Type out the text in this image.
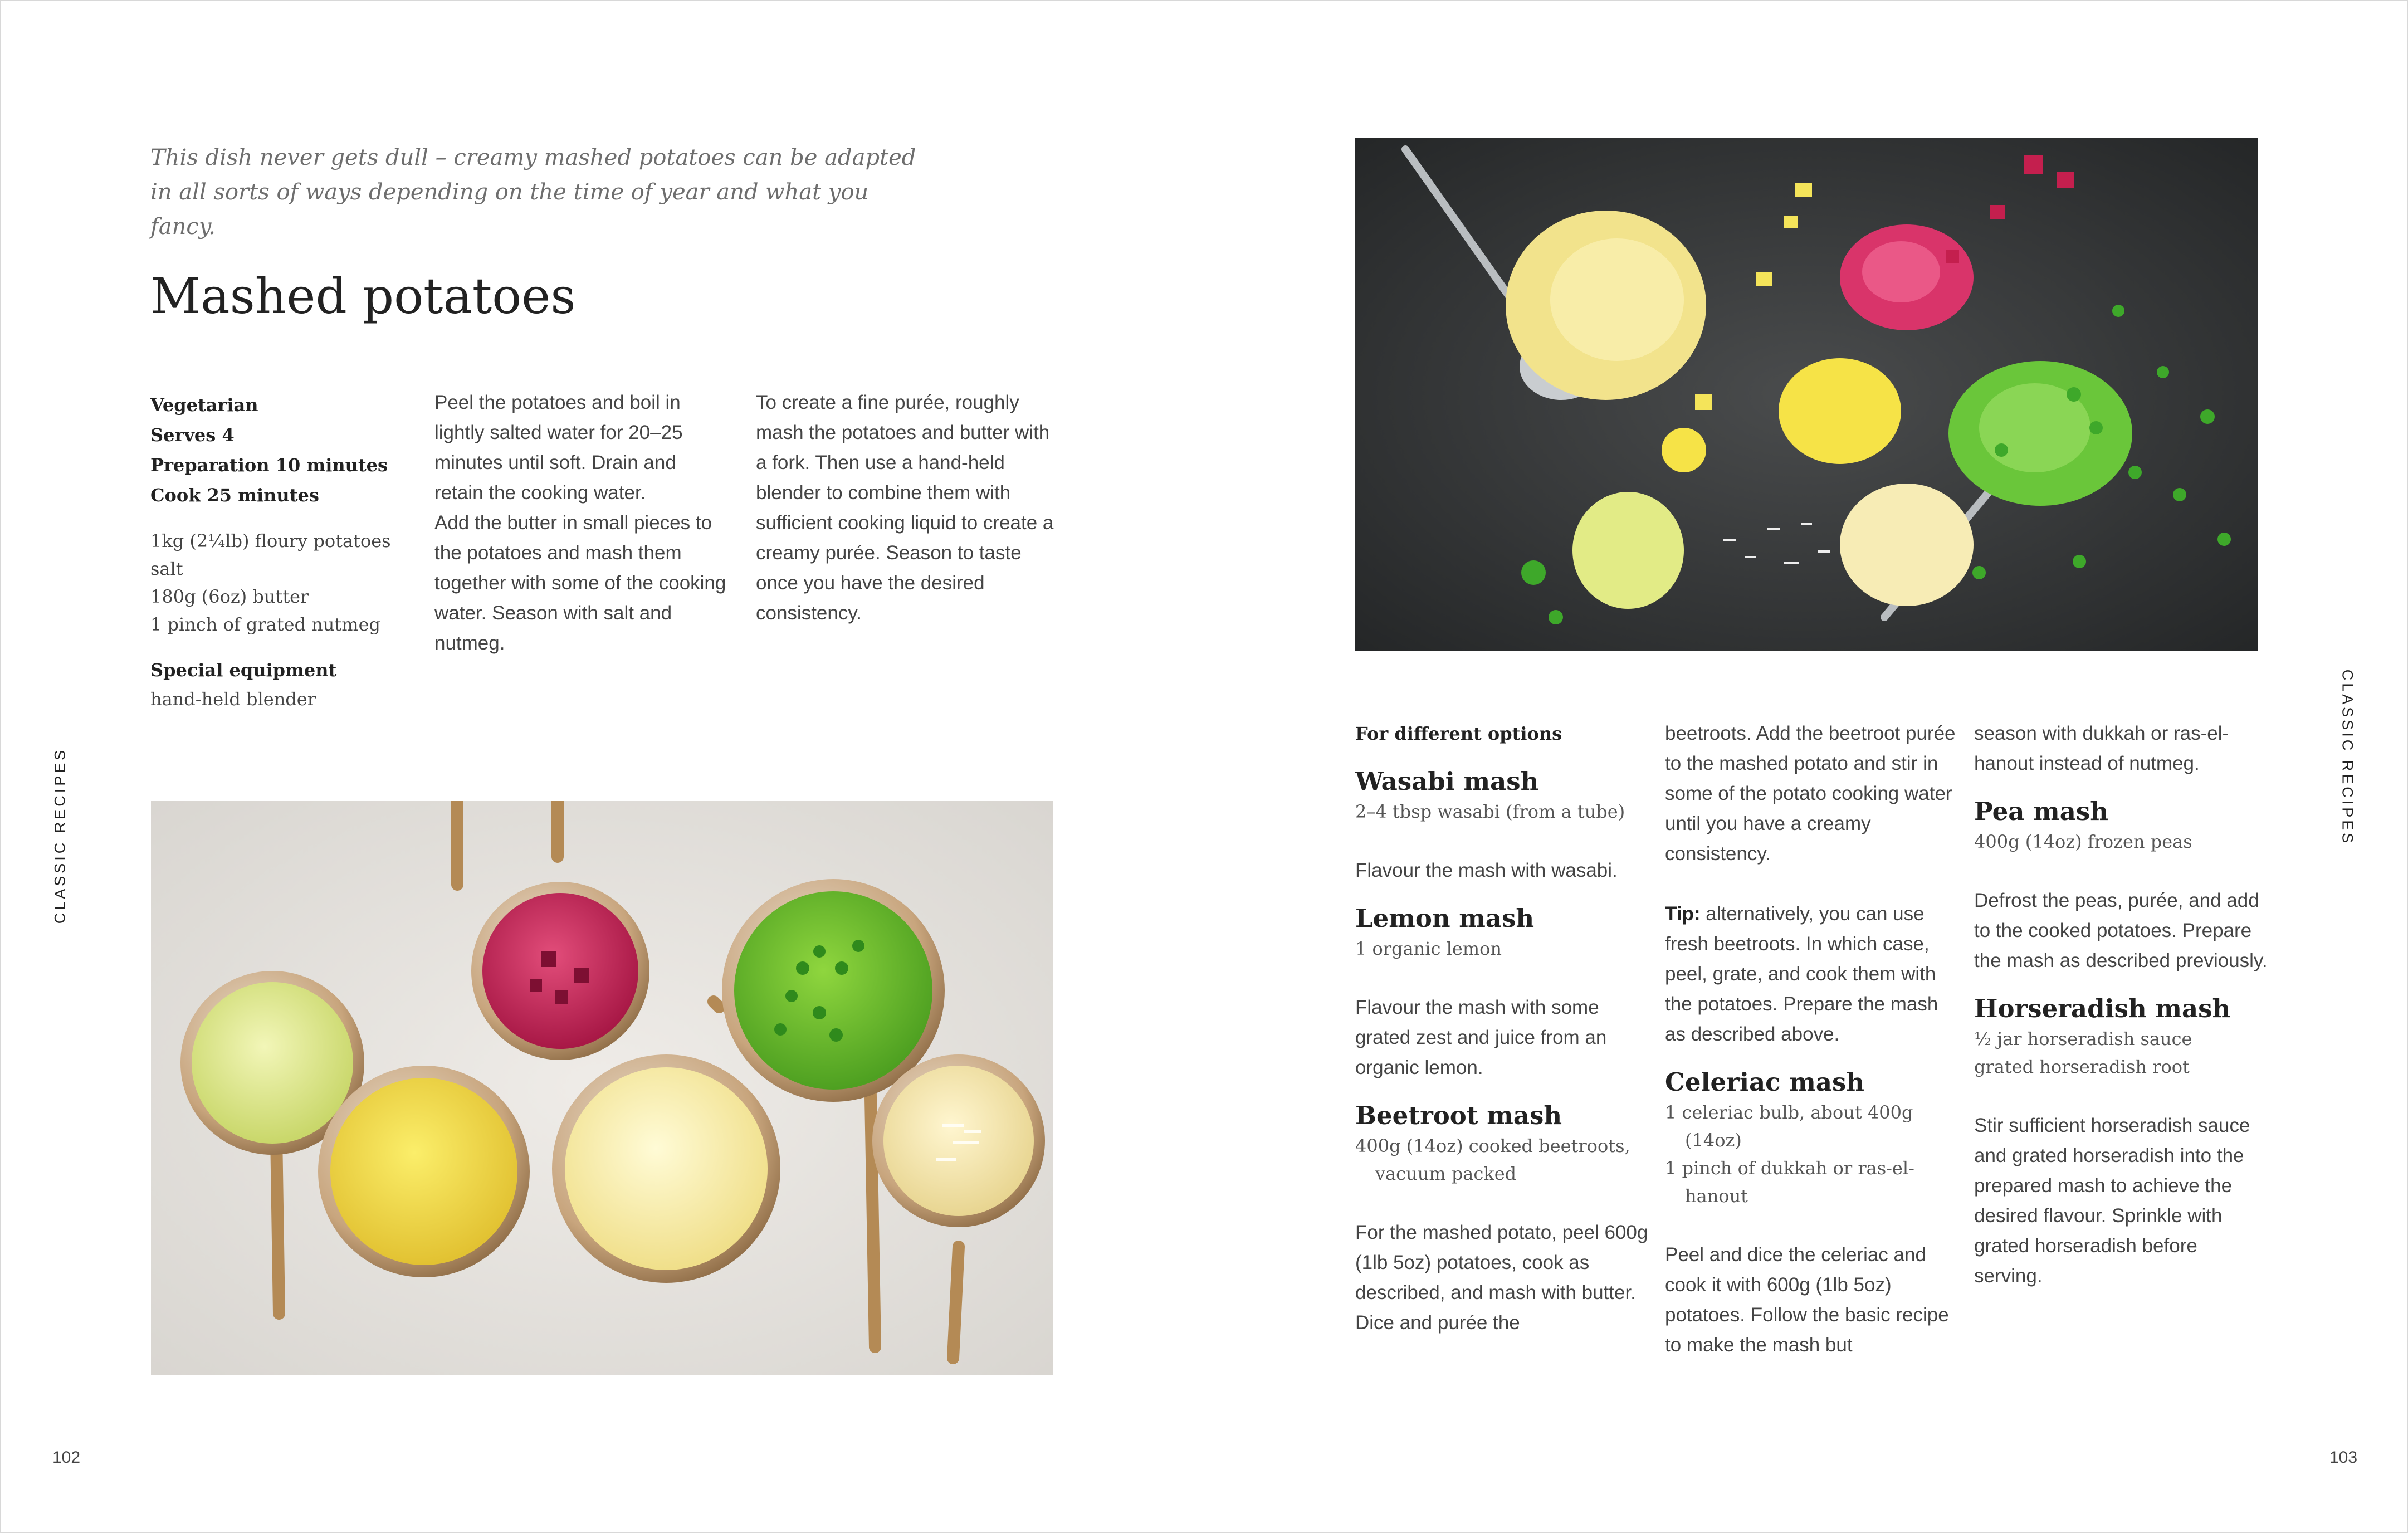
This dish never gets dull – creamy mashed potatoes can be adapted
in all sorts of ways depending on the time of year and what you fancy.
Mashed potatoes
Vegetarian
Serves 4
Preparation 10 minutes
Cook 25 minutes
1kg (2¼lb) floury potatoes
salt
180g (6oz) butter
1 pinch of grated nutmeg
Special equipment
hand-held blender

Peel the potatoes and boil in lightly salted water for 20–25 minutes until soft. Drain and retain the cooking water.

Add the butter in small pieces to the potatoes and mash them together with some of the cooking water. Season with salt and nutmeg.

To create a fine purée, roughly mash the potatoes and butter with a fork. Then use a hand-held blender to combine them with sufficient cooking liquid to create a creamy purée. Season to taste once you have the desired consistency.

CLASSIC RECIPES
102
For different options
Wasabi mash
2–4 tbsp wasabi (from a tube)

Flavour the mash with wasabi.

Lemon mash
1 organic lemon

Flavour the mash with some grated zest and juice from an organic lemon.

Beetroot mash
400g (14oz) cooked beetroots, vacuum packed

For the mashed potato, peel 600g (1lb 5oz) potatoes, cook as described, and mash with butter. Dice and purée the

beetroots. Add the beetroot purée to the mashed potato and stir in some of the potato cooking water until you have a creamy consistency.

Tip: alternatively, you can use fresh beetroots. In which case, peel, grate, and cook them with the potatoes. Prepare the mash as described above.

Celeriac mash
1 celeriac bulb, about 400g (14oz)
1 pinch of dukkah or ras-el-hanout

Peel and dice the celeriac and cook it with 600g (1lb 5oz) potatoes. Follow the basic recipe to make the mash but

season with dukkah or ras-el-hanout instead of nutmeg.

Pea mash
400g (14oz) frozen peas

Defrost the peas, purée, and add to the cooked potatoes. Prepare the mash as described previously.

Horseradish mash
½ jar horseradish sauce
grated horseradish root

Stir sufficient horseradish sauce and grated horseradish into the prepared mash to achieve the desired flavour. Sprinkle with grated horseradish before serving.

CLASSIC RECIPES
103
